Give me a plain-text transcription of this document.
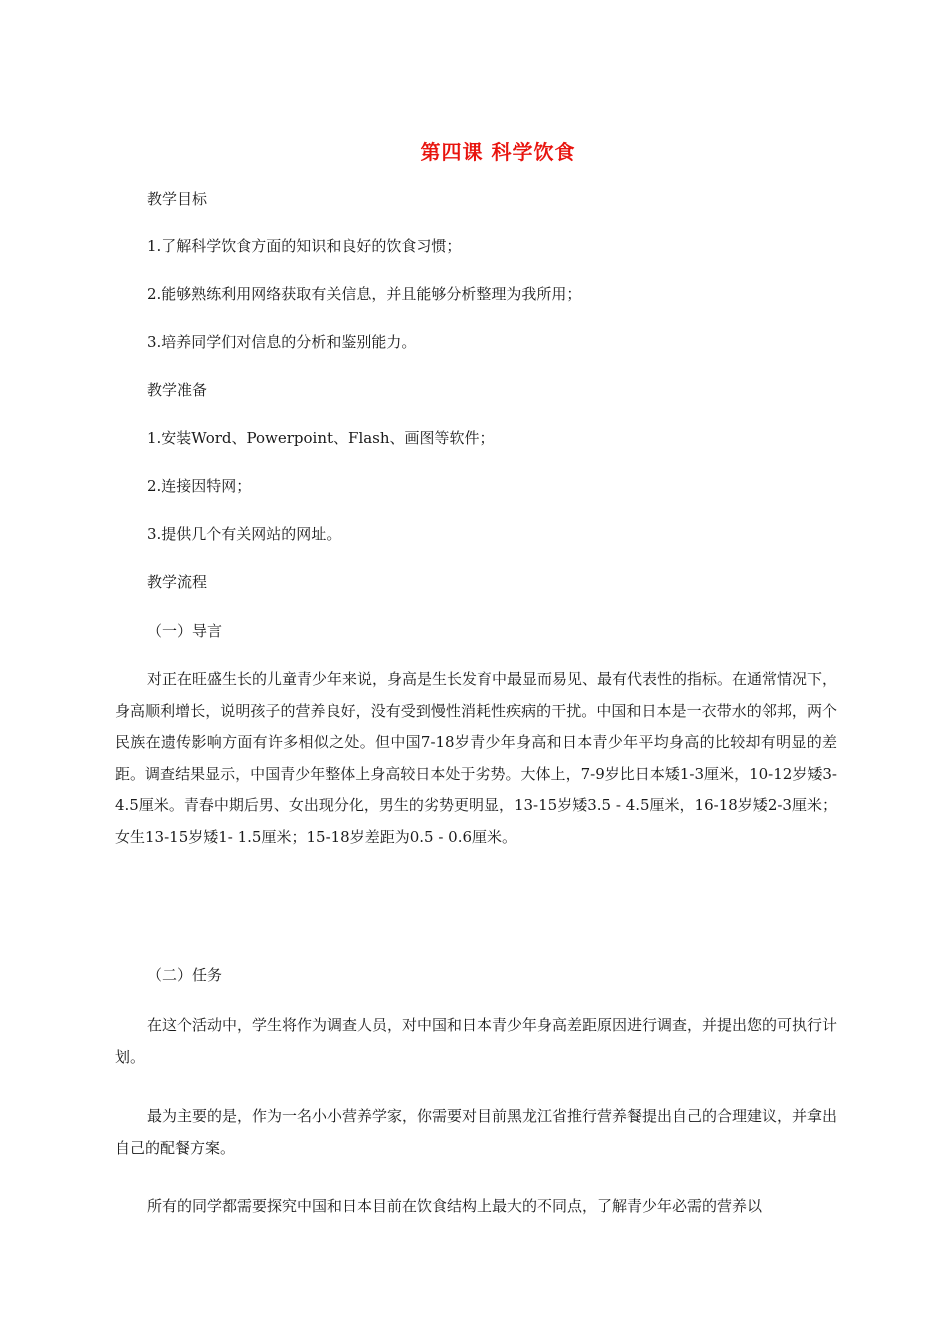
第四课 科学饮食

教学目标

1.了解科学饮食方面的知识和良好的饮食习惯；

2.能够熟练利用网络获取有关信息，并且能够分析整理为我所用；

3.培养同学们对信息的分析和鉴别能力。

教学准备

1.安装Word、Powerpoint、Flash、画图等软件；

2.连接因特网；

3.提供几个有关网站的网址。

教学流程

（一）导言

对正在旺盛生长的儿童青少年来说，身高是生长发育中最显而易见、最有代表性的指标。在通常情况下，身高顺利增长，说明孩子的营养良好，没有受到慢性消耗性疾病的干扰。中国和日本是一衣带水的邻邦，两个民族在遗传影响方面有许多相似之处。但中国7-18岁青少年身高和日本青少年平均身高的比较却有明显的差距。调查结果显示，中国青少年整体上身高较日本处于劣势。大体上，7-9岁比日本矮1-3厘米，10-12岁矮3- 4.5厘米。青春中期后男、女出现分化，男生的劣势更明显，13-15岁矮3.5 - 4.5厘米，16-18岁矮2-3厘米；女生13-15岁矮1- 1.5厘米；15-18岁差距为0.5 - 0.6厘米。

（二）任务

在这个活动中，学生将作为调查人员，对中国和日本青少年身高差距原因进行调查，并提出您的可执行计划。

最为主要的是，作为一名小小营养学家，你需要对目前黑龙江省推行营养餐提出自己的合理建议，并拿出自己的配餐方案。

所有的同学都需要探究中国和日本目前在饮食结构上最大的不同点，了解青少年必需的营养以
